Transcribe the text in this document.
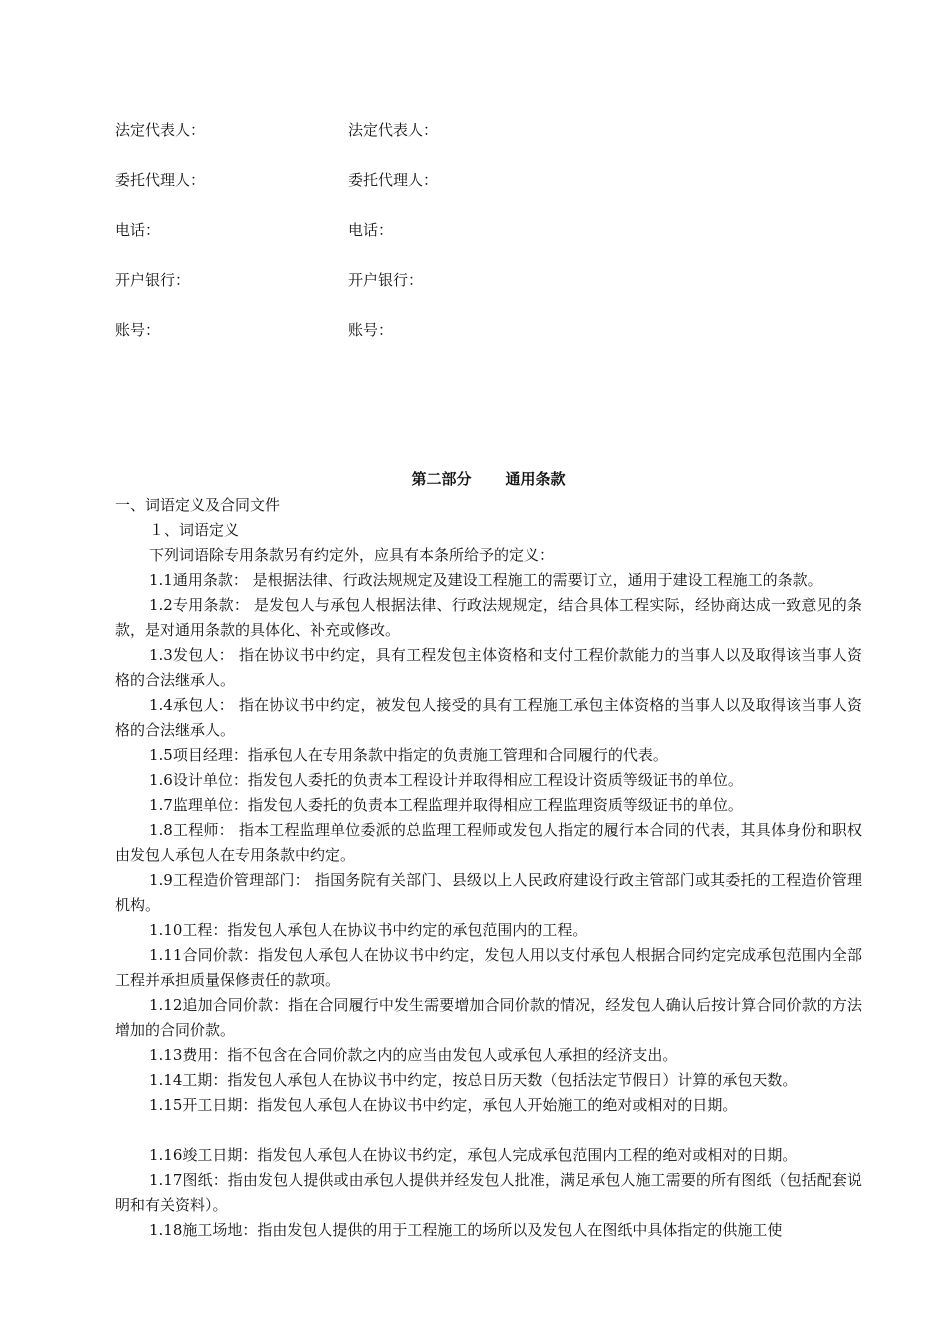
法定代表人：	法定代表人：
委托代理人：	委托代理人：
电话：	电话：
开户银行：	开户银行：
账号：	账号：
第二部分 通用条款

一、词语定义及合同文件

１、词语定义

下列词语除专用条款另有约定外，应具有本条所给予的定义：

1.1通用条款： 是根据法律、行政法规规定及建设工程施工的需要订立，通用于建设工程施工的条款。

1.2专用条款： 是发包人与承包人根据法律、行政法规规定，结合具体工程实际，经协商达成一致意见的条款，是对通用条款的具体化、补充或修改。

1.3发包人： 指在协议书中约定，具有工程发包主体资格和支付工程价款能力的当事人以及取得该当事人资格的合法继承人。

1.4承包人： 指在协议书中约定，被发包人接受的具有工程施工承包主体资格的当事人以及取得该当事人资格的合法继承人。

1.5项目经理：指承包人在专用条款中指定的负责施工管理和合同履行的代表。

1.6设计单位：指发包人委托的负责本工程设计并取得相应工程设计资质等级证书的单位。

1.7监理单位：指发包人委托的负责本工程监理并取得相应工程监理资质等级证书的单位。

1.8工程师： 指本工程监理单位委派的总监理工程师或发包人指定的履行本合同的代表，其具体身份和职权由发包人承包人在专用条款中约定。

1.9工程造价管理部门： 指国务院有关部门、县级以上人民政府建设行政主管部门或其委托的工程造价管理机构。

1.10工程：指发包人承包人在协议书中约定的承包范围内的工程。

1.11合同价款：指发包人承包人在协议书中约定，发包人用以支付承包人根据合同约定完成承包范围内全部工程并承担质量保修责任的款项。

1.12追加合同价款：指在合同履行中发生需要增加合同价款的情况，经发包人确认后按计算合同价款的方法增加的合同价款。

1.13费用：指不包含在合同价款之内的应当由发包人或承包人承担的经济支出。

1.14工期：指发包人承包人在协议书中约定，按总日历天数（包括法定节假日）计算的承包天数。

1.15开工日期：指发包人承包人在协议书中约定，承包人开始施工的绝对或相对的日期。

1.16竣工日期：指发包人承包人在协议书约定，承包人完成承包范围内工程的绝对或相对的日期。

1.17图纸：指由发包人提供或由承包人提供并经发包人批准，满足承包人施工需要的所有图纸（包括配套说明和有关资料）。

1.18施工场地：指由发包人提供的用于工程施工的场所以及发包人在图纸中具体指定的供施工使
